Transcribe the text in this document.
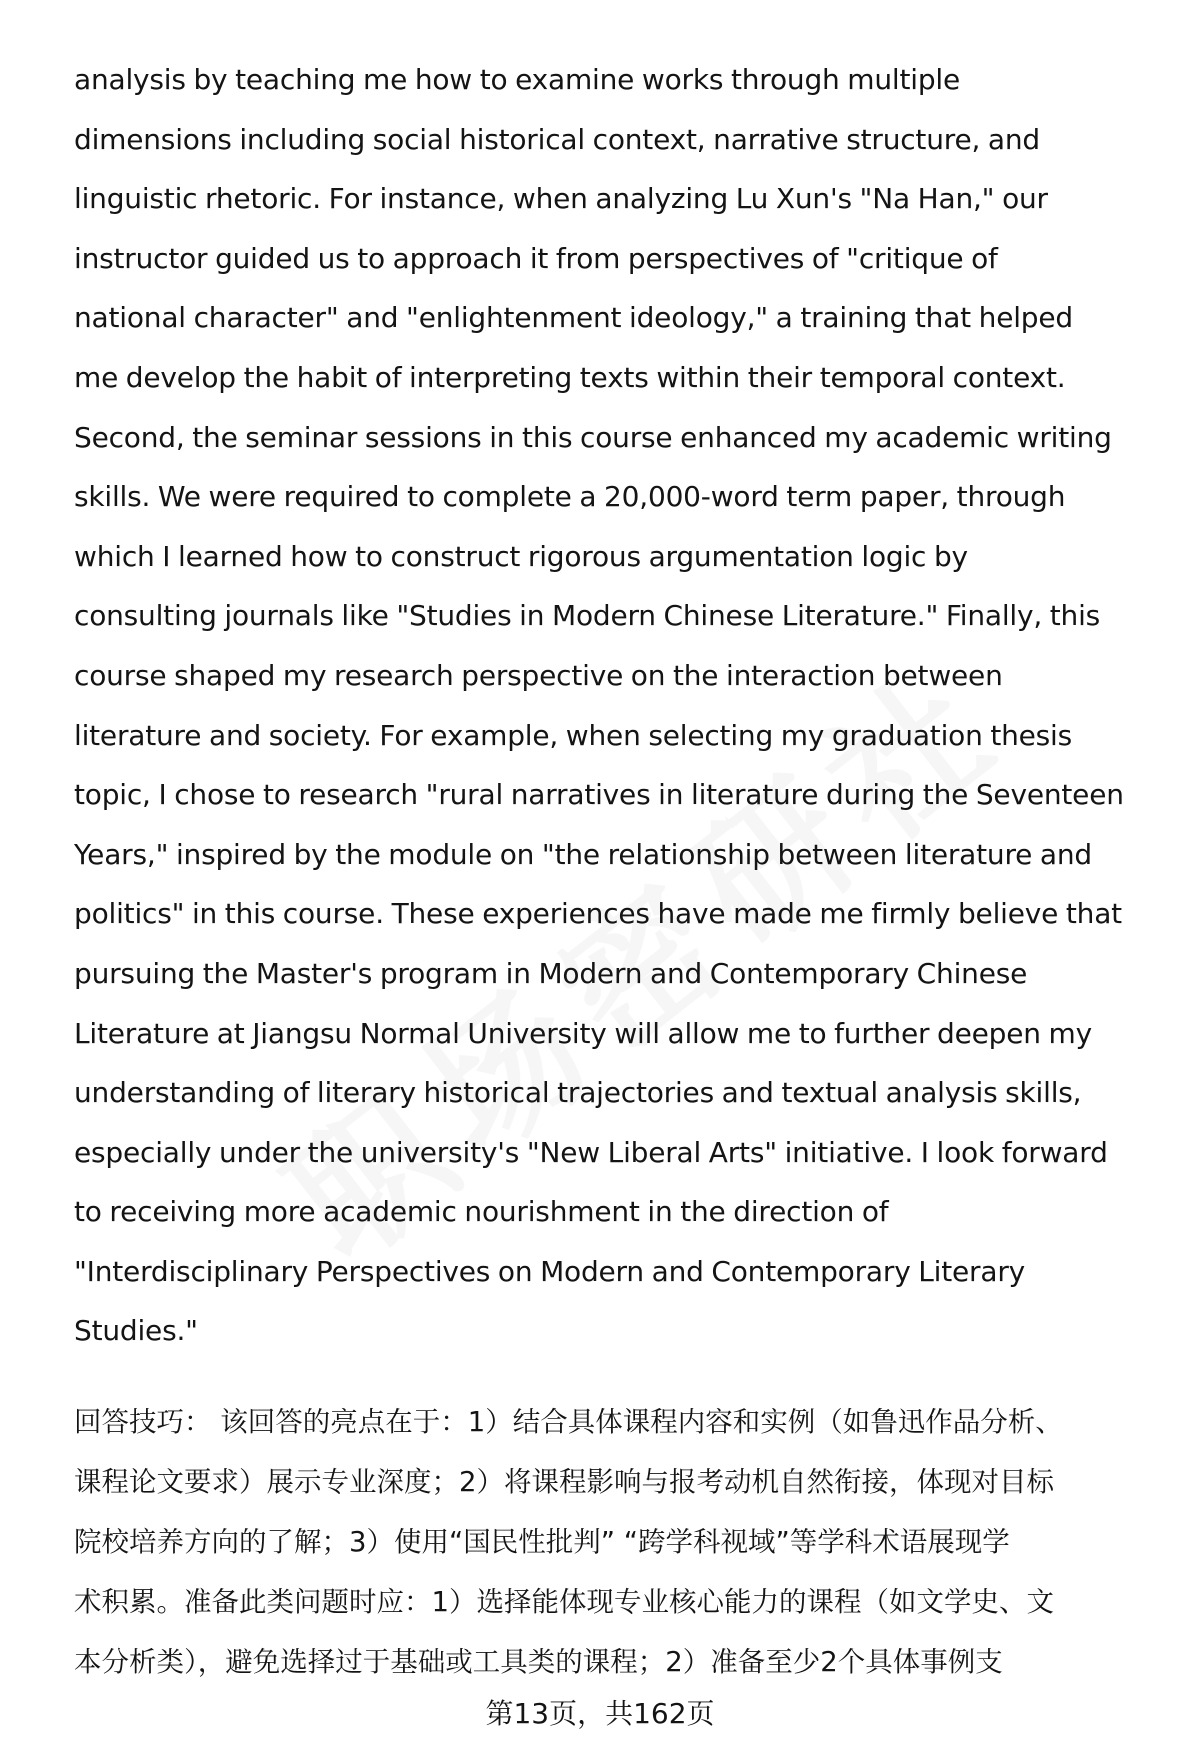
analysis by teaching me how to examine works through multiple
dimensions including social historical context, narrative structure, and
linguistic rhetoric. For instance, when analyzing Lu Xun's "Na Han," our
instructor guided us to approach it from perspectives of "critique of
national character" and "enlightenment ideology," a training that helped
me develop the habit of interpreting texts within their temporal context.
Second, the seminar sessions in this course enhanced my academic writing
skills. We were required to complete a 20,000-word term paper, through
which I learned how to construct rigorous argumentation logic by
consulting journals like "Studies in Modern Chinese Literature." Finally, this
course shaped my research perspective on the interaction between
literature and society. For example, when selecting my graduation thesis
topic, I chose to research "rural narratives in literature during the Seventeen
Years," inspired by the module on "the relationship between literature and
politics" in this course. These experiences have made me firmly believe that
pursuing the Master's program in Modern and Contemporary Chinese
Literature at Jiangsu Normal University will allow me to further deepen my
understanding of literary historical trajectories and textual analysis skills,
especially under the university's "New Liberal Arts" initiative. I look forward
to receiving more academic nourishment in the direction of
"Interdisciplinary Perspectives on Modern and Contemporary Literary
Studies."

回答技巧： 该回答的亮点在于：1）结合具体课程内容和实例（如鲁迅作品分析、
课程论文要求）展示专业深度；2）将课程影响与报考动机自然衔接，体现对目标
院校培养方向的了解；3）使用“国民性批判” “跨学科视域”等学科术语展现学
术积累。准备此类问题时应：1）选择能体现专业核心能力的课程（如文学史、文
本分析类），避免选择过于基础或工具类的课程；2）准备至少2个具体事例支

第13页，共162页
